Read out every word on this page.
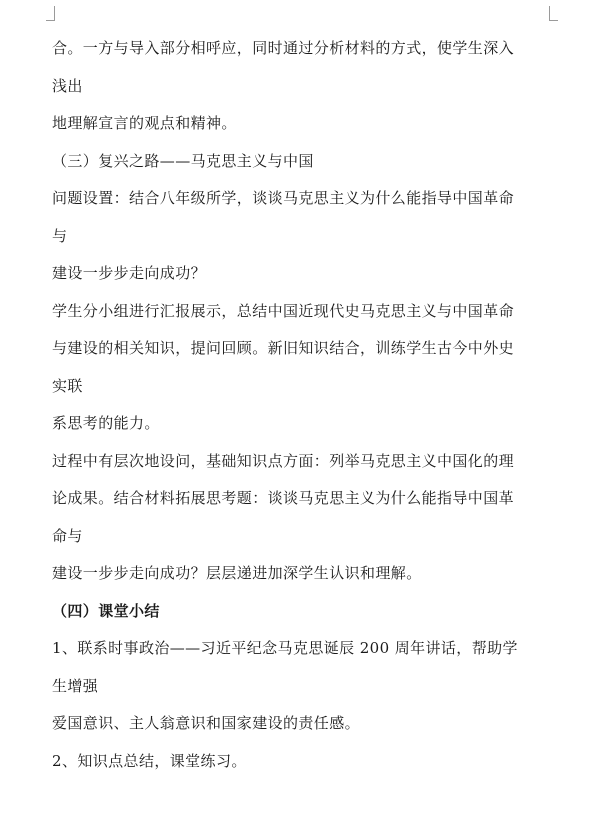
合。一方与导入部分相呼应，同时通过分析材料的方式，使学生深入
浅出
地理解宣言的观点和精神。
（三）复兴之路——马克思主义与中国
问题设置：结合八年级所学，谈谈马克思主义为什么能指导中国革命
与
建设一步步走向成功？
学生分小组进行汇报展示，总结中国近现代史马克思主义与中国革命
与建设的相关知识，提问回顾。新旧知识结合，训练学生古今中外史
实联
系思考的能力。
过程中有层次地设问，基础知识点方面：列举马克思主义中国化的理
论成果。结合材料拓展思考题：谈谈马克思主义为什么能指导中国革
命与
建设一步步走向成功？层层递进加深学生认识和理解。
（四）课堂小结
1、联系时事政治——习近平纪念马克思诞辰 200 周年讲话，帮助学
生增强
爱国意识、主人翁意识和国家建设的责任感。
2、知识点总结，课堂练习。
